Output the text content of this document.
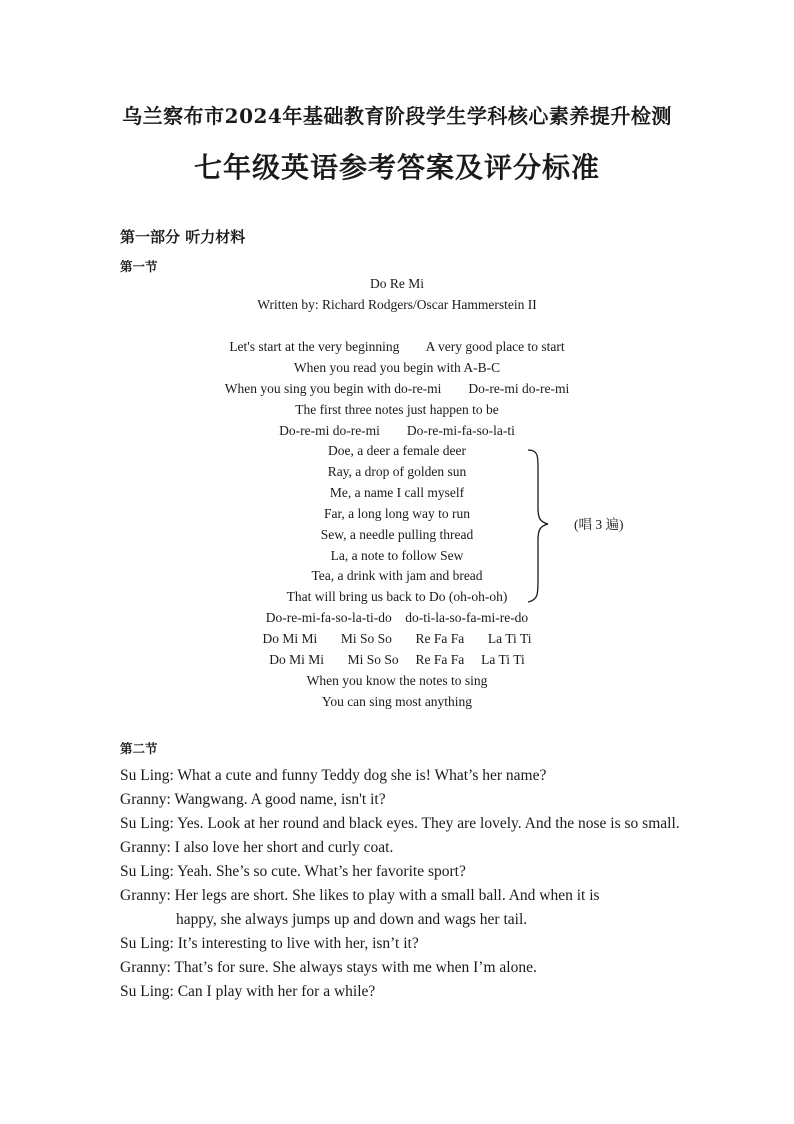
乌兰察布市2024年基础教育阶段学生学科核心素养提升检测
七年级英语参考答案及评分标准
第一部分 听力材料
第一节
Do Re Mi
Written by: Richard Rodgers/Oscar Hammerstein II
Let's start at the very beginning        A very good place to start
When you read you begin with A-B-C
When you sing you begin with do-re-mi        Do-re-mi do-re-mi
The first three notes just happen to be
Do-re-mi do-re-mi        Do-re-mi-fa-so-la-ti
Doe, a deer a female deer
Ray, a drop of golden sun
Me, a name I call myself
Far, a long long way to run
Sew, a needle pulling thread
La, a note to follow Sew
Tea, a drink with jam and bread
That will bring us back to Do (oh-oh-oh)
Do-re-mi-fa-so-la-ti-do    do-ti-la-so-fa-mi-re-do
Do Mi Mi       Mi So So       Re Fa Fa       La Ti Ti
Do Mi Mi       Mi So So     Re Fa Fa     La Ti Ti
When you know the notes to sing
You can sing most anything
(唱 3 遍)
第二节
Su Ling: What a cute and funny Teddy dog she is! What’s her name?
Granny: Wangwang. A good name, isn't it?
Su Ling: Yes. Look at her round and black eyes. They are lovely. And the nose is so small.
Granny: I also love her short and curly coat.
Su Ling: Yeah. She’s so cute. What’s her favorite sport?
Granny: Her legs are short. She likes to play with a small ball. And when it is
happy, she always jumps up and down and wags her tail.
Su Ling: It’s interesting to live with her, isn’t it?
Granny: That’s for sure. She always stays with me when I’m alone.
Su Ling: Can I play with her for a while?
